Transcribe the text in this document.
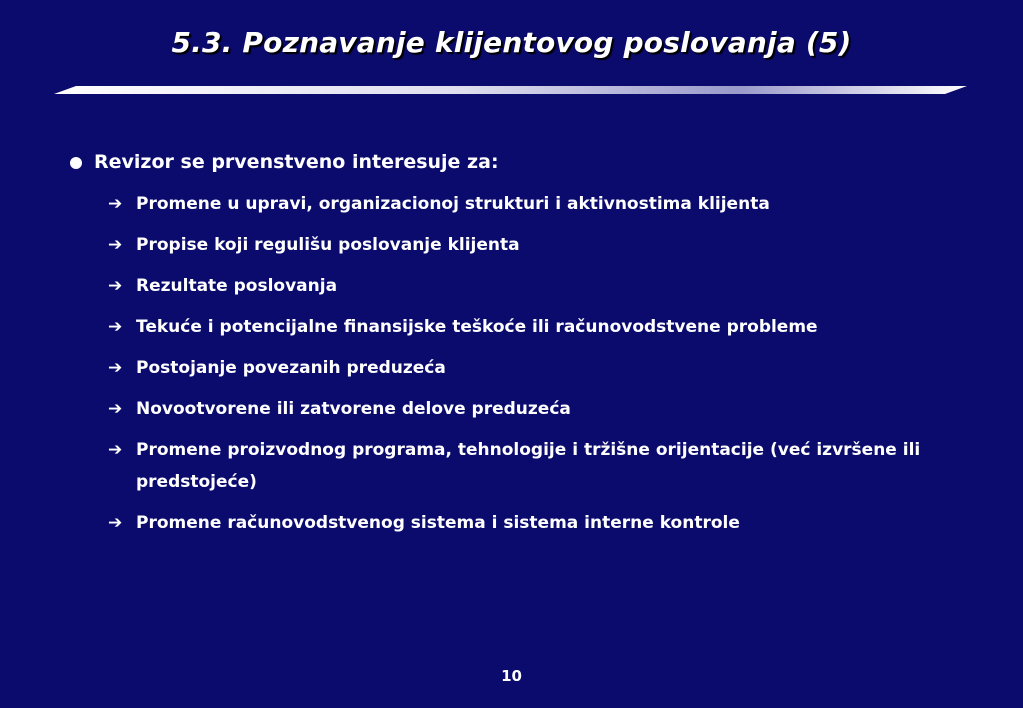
5.3. Poznavanje klijentovog poslovanja (5)
Revizor se prvenstveno interesuje za:
➔ Promene u upravi, organizacionoj strukturi i aktivnostima klijenta
➔ Propise koji regulišu poslovanje klijenta
➔ Rezultate poslovanja
➔ Tekuće i potencijalne finansijske teškoće ili računovodstvene probleme
➔ Postojanje povezanih preduzeća
➔ Novootvorene ili zatvorene delove preduzeća
➔ Promene proizvodnog programa, tehnologije i tržišne orijentacije (već izvršene ili predstojeće)
➔ Promene računovodstvenog sistema i sistema interne kontrole
10
